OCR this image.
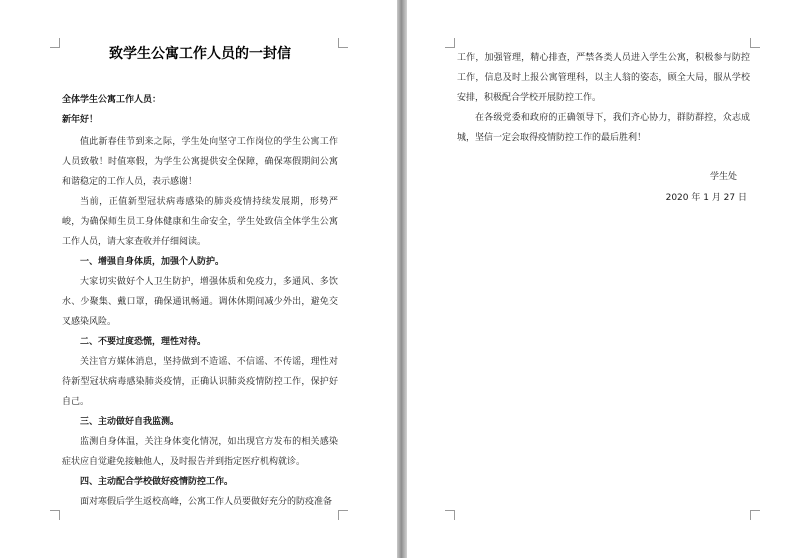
致学生公寓工作人员的一封信

全体学生公寓工作人员：

新年好！

值此新春佳节到来之际，学生处向坚守工作岗位的学生公寓工作人员致敬！时值寒假，为学生公寓提供安全保障，确保寒假期间公寓和谐稳定的工作人员，表示感谢！

当前，正值新型冠状病毒感染的肺炎疫情持续发展期，形势严峻，为确保师生员工身体健康和生命安全，学生处致信全体学生公寓工作人员，请大家查收并仔细阅读。

一、增强自身体质，加强个人防护。

大家切实做好个人卫生防护，增强体质和免疫力，多通风、多饮水、少聚集、戴口罩，确保通讯畅通。调休休期间减少外出，避免交叉感染风险。

二、不要过度恐慌，理性对待。

关注官方媒体消息，坚持做到不造谣、不信谣、不传谣，理性对待新型冠状病毒感染肺炎疫情，正确认识肺炎疫情防控工作，保护好自己。

三、主动做好自我监测。

监测自身体温，关注身体变化情况，如出现官方发布的相关感染症状应自觉避免接触他人，及时报告并到指定医疗机构就诊。

四、主动配合学校做好疫情防控工作。

面对寒假后学生返校高峰，公寓工作人员要做好充分的防疫准备

工作，加强管理，精心排查，严禁各类人员进入学生公寓，积极参与防控工作，信息及时上报公寓管理科，以主人翁的姿态，顾全大局，服从学校安排，积极配合学校开展防控工作。

在各级党委和政府的正确领导下，我们齐心协力，群防群控，众志成城，坚信一定会取得疫情防控工作的最后胜利！

学生处

2020 年 1 月 27 日
